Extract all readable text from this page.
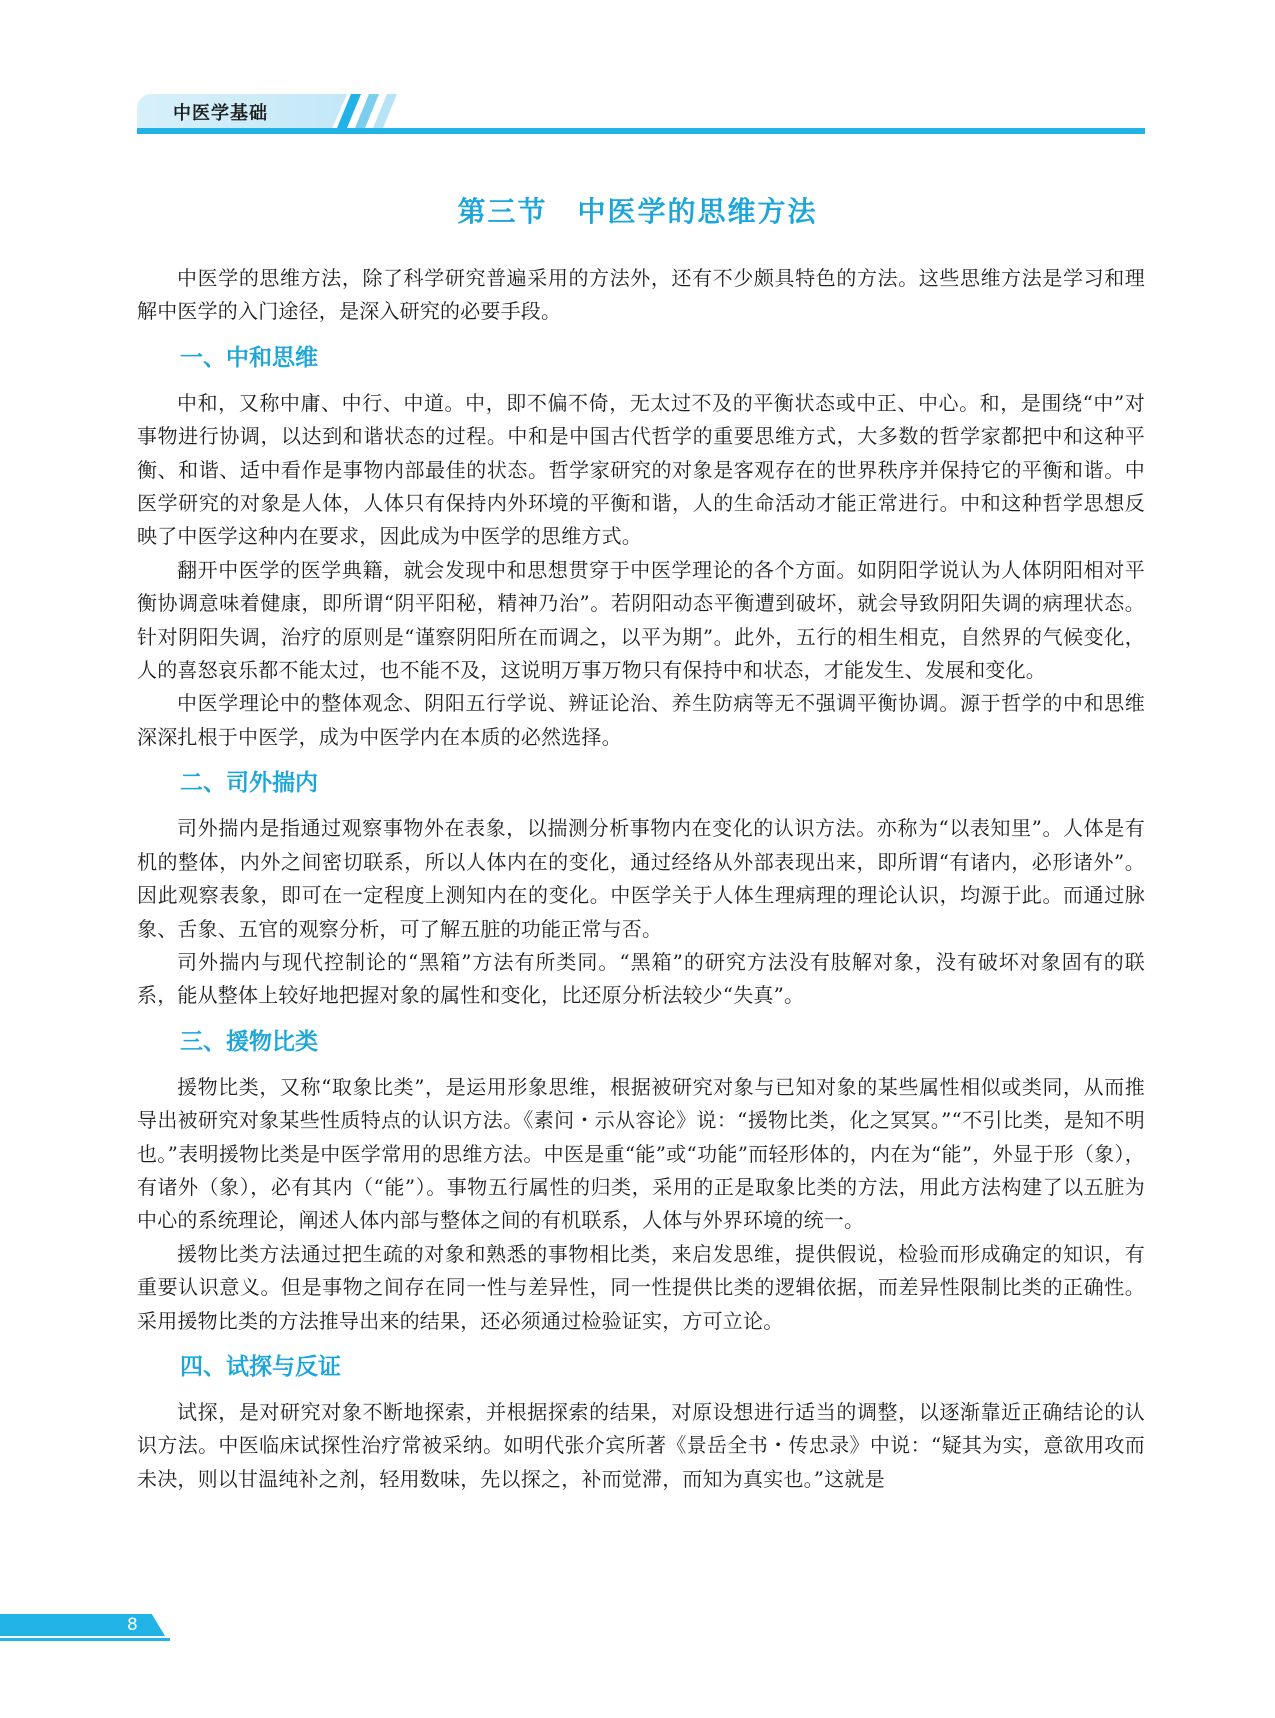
中医学基础
第三节　中医学的思维方法

中医学的思维方法，除了科学研究普遍采用的方法外，还有不少颇具特色的方法。这些思维方法是学习和理解中医学的入门途径，是深入研究的必要手段。

一、中和思维

中和，又称中庸、中行、中道。中，即不偏不倚，无太过不及的平衡状态或中正、中心。和，是围绕“中”对事物进行协调，以达到和谐状态的过程。中和是中国古代哲学的重要思维方式，大多数的哲学家都把中和这种平衡、和谐、适中看作是事物内部最佳的状态。哲学家研究的对象是客观存在的世界秩序并保持它的平衡和谐。中医学研究的对象是人体，人体只有保持内外环境的平衡和谐，人的生命活动才能正常进行。中和这种哲学思想反映了中医学这种内在要求，因此成为中医学的思维方式。

翻开中医学的医学典籍，就会发现中和思想贯穿于中医学理论的各个方面。如阴阳学说认为人体阴阳相对平衡协调意味着健康，即所谓“阴平阳秘，精神乃治”。若阴阳动态平衡遭到破坏，就会导致阴阳失调的病理状态。针对阴阳失调，治疗的原则是“谨察阴阳所在而调之，以平为期”。此外，五行的相生相克，自然界的气候变化，人的喜怒哀乐都不能太过，也不能不及，这说明万事万物只有保持中和状态，才能发生、发展和变化。

中医学理论中的整体观念、阴阳五行学说、辨证论治、养生防病等无不强调平衡协调。源于哲学的中和思维深深扎根于中医学，成为中医学内在本质的必然选择。

二、司外揣内

司外揣内是指通过观察事物外在表象，以揣测分析事物内在变化的认识方法。亦称为“以表知里”。人体是有机的整体，内外之间密切联系，所以人体内在的变化，通过经络从外部表现出来，即所谓“有诸内，必形诸外”。因此观察表象，即可在一定程度上测知内在的变化。中医学关于人体生理病理的理论认识，均源于此。而通过脉象、舌象、五官的观察分析，可了解五脏的功能正常与否。

司外揣内与现代控制论的“黑箱”方法有所类同。“黑箱”的研究方法没有肢解对象，没有破坏对象固有的联系，能从整体上较好地把握对象的属性和变化，比还原分析法较少“失真”。

三、援物比类

援物比类，又称“取象比类”，是运用形象思维，根据被研究对象与已知对象的某些属性相似或类同，从而推导出被研究对象某些性质特点的认识方法。《素问・示从容论》说：“援物比类，化之冥冥。”“不引比类，是知不明也。”表明援物比类是中医学常用的思维方法。中医是重“能”或“功能”而轻形体的，内在为“能”，外显于形（象），有诸外（象），必有其内（“能”）。事物五行属性的归类，采用的正是取象比类的方法，用此方法构建了以五脏为中心的系统理论，阐述人体内部与整体之间的有机联系，人体与外界环境的统一。

援物比类方法通过把生疏的对象和熟悉的事物相比类，来启发思维，提供假说，检验而形成确定的知识，有重要认识意义。但是事物之间存在同一性与差异性，同一性提供比类的逻辑依据，而差异性限制比类的正确性。采用援物比类的方法推导出来的结果，还必须通过检验证实，方可立论。

四、试探与反证

试探，是对研究对象不断地探索，并根据探索的结果，对原设想进行适当的调整，以逐渐靠近正确结论的认识方法。中医临床试探性治疗常被采纳。如明代张介宾所著《景岳全书・传忠录》中说：“疑其为实，意欲用攻而未决，则以甘温纯补之剂，轻用数味，先以探之，补而觉滞，而知为真实也。”这就是

8
